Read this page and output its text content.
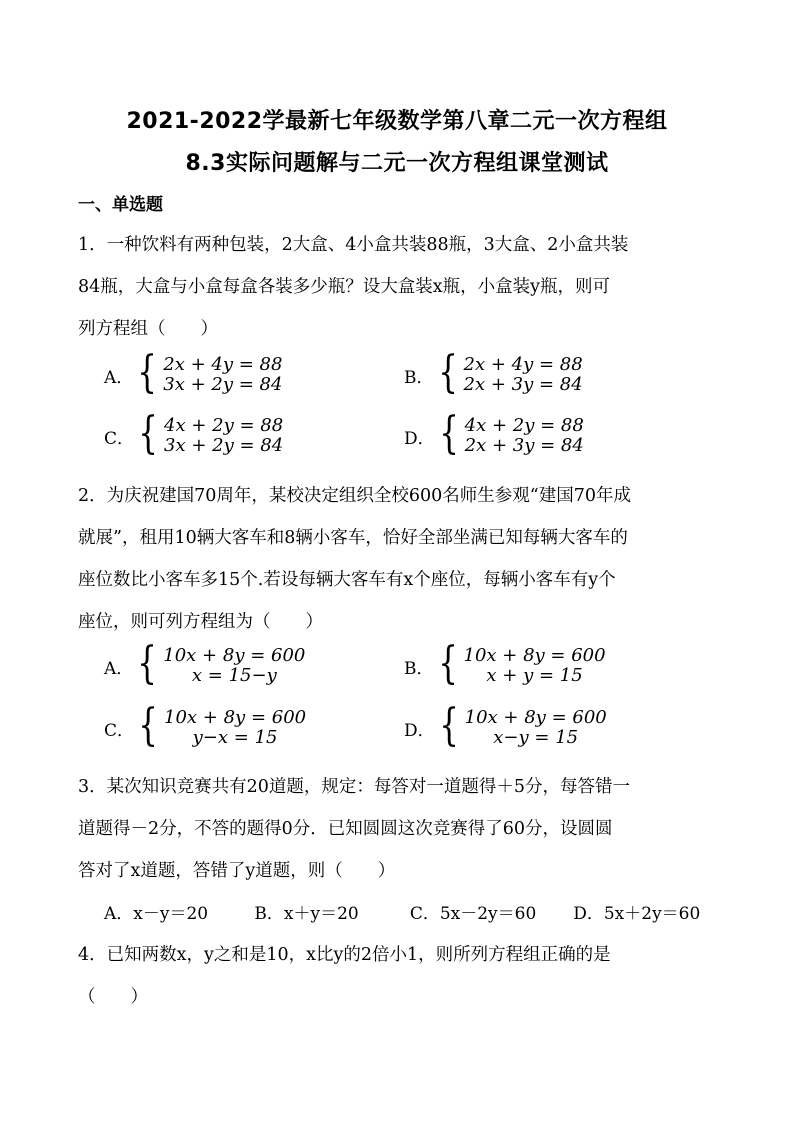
2021-2022学最新七年级数学第八章二元一次方程组
8.3实际问题解与二元一次方程组课堂测试
一、单选题
1．一种饮料有两种包装，2大盒、4小盒共装88瓶，3大盒、2小盒共装
84瓶，大盒与小盒每盒各装多少瓶？设大盒装x瓶，小盒装y瓶，则可
列方程组（　　）
A． { 2x + 4y = 88
3x + 2y = 84	B． { 2x + 4y = 88
2x + 3y = 84
C． { 4x + 2y = 88
3x + 2y = 84	D． { 4x + 2y = 88
2x + 3y = 84
2．为庆祝建国70周年，某校决定组织全校600名师生参观“建国70年成
就展”，租用10辆大客车和8辆小客车，恰好全部坐满已知每辆大客车的
座位数比小客车多15个.若设每辆大客车有x个座位，每辆小客车有y个
座位，则可列方程组为（　　）
A． { 10x + 8y = 600
x = 15−y	B． { 10x + 8y = 600
x + y = 15
C． { 10x + 8y = 600
y−x = 15	D． { 10x + 8y = 600
x−y = 15
3．某次知识竞赛共有20道题，规定：每答对一道题得＋5分，每答错一
道题得－2分，不答的题得0分．已知圆圆这次竞赛得了60分，设圆圆
答对了x道题，答错了y道题，则（　　）
A．x－y＝20	B．x＋y＝20	C．5x－2y＝60 D．5x＋2y＝60
4．已知两数x，y之和是10，x比y的2倍小1，则所列方程组正确的是
（　　）
